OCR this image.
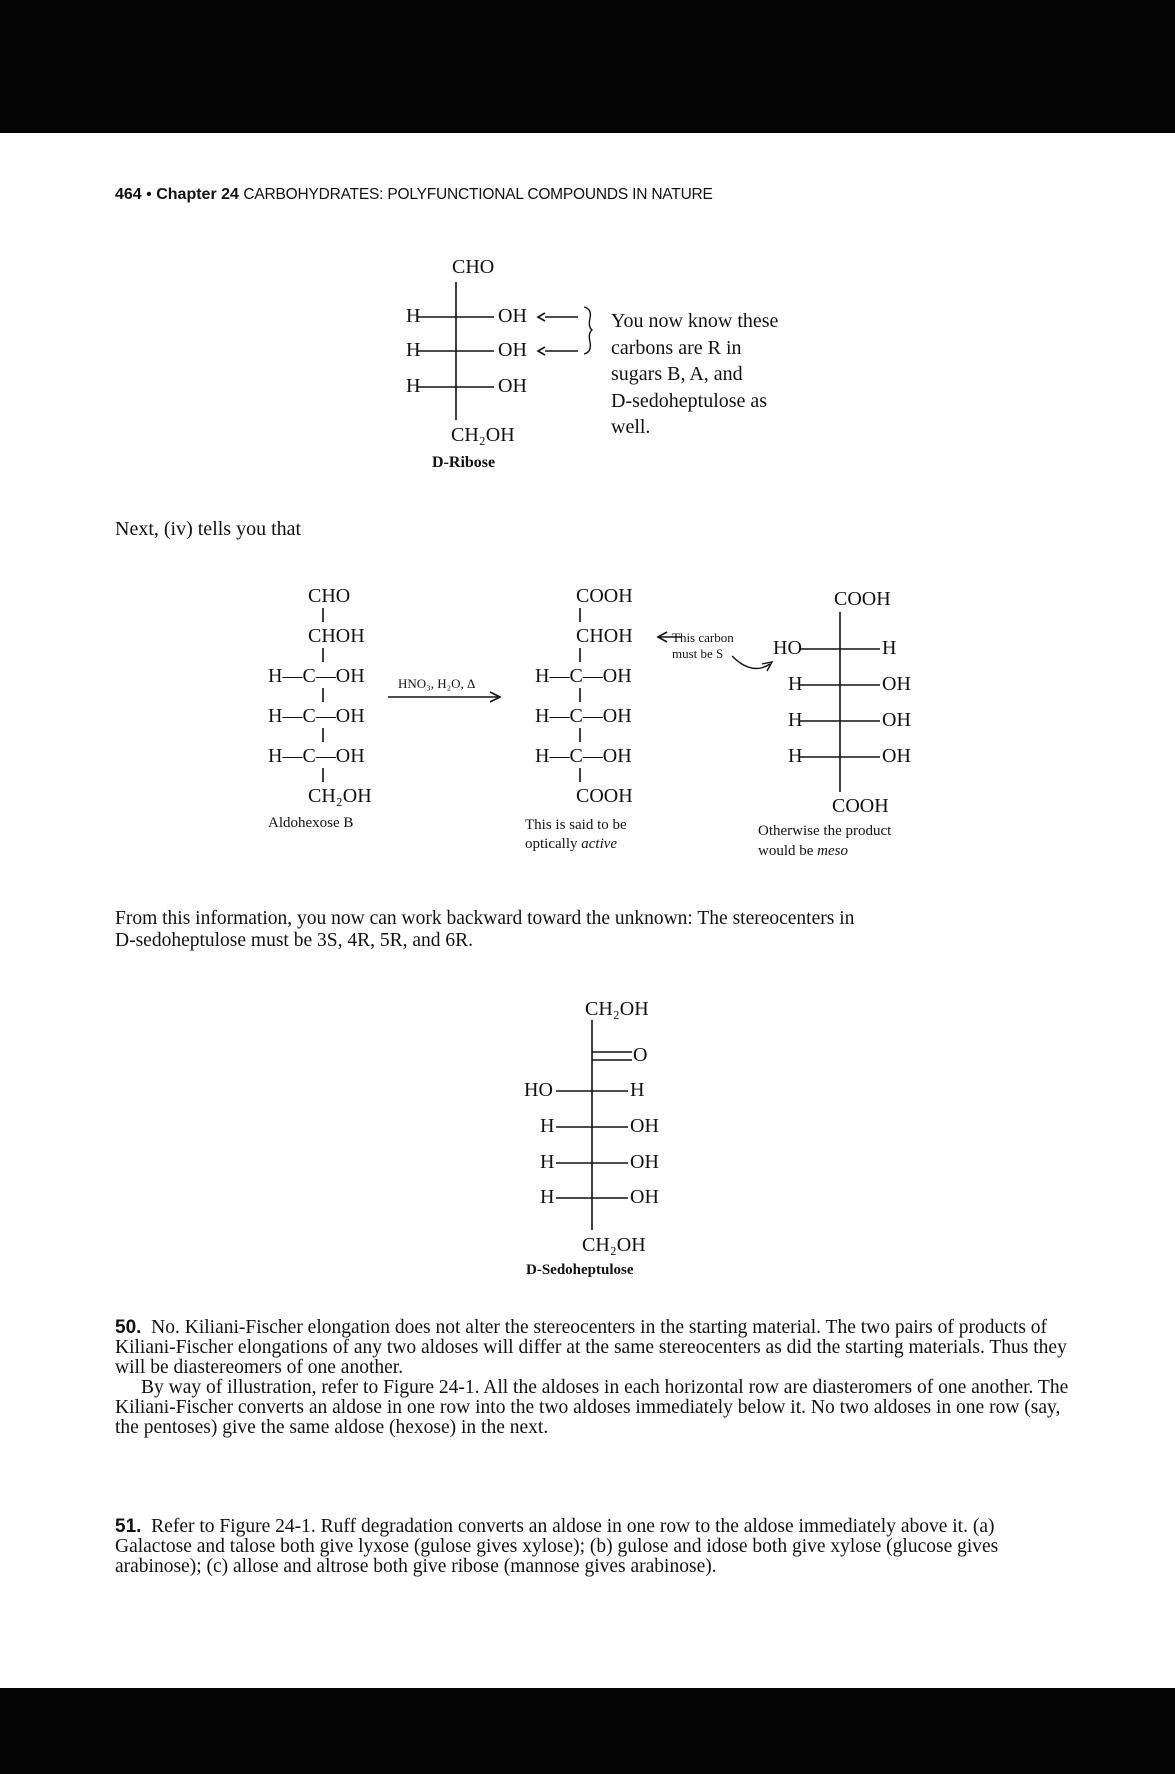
464 • Chapter 24 CARBOHYDRATES: POLYFUNCTIONAL COMPOUNDS IN NATURE
CHO
H	OH
H	OH
H	OH
CH₂OH
D-Ribose
You now know these
carbons are R in
sugars B, A, and
D-sedoheptulose as
well.
Next, (iv) tells you that
CHO
CHOH
H—C—OH
H—C—OH
H—C—OH
CH₂OH
Aldohexose B
HNO₃, H₂O, Δ
COOH
CHOH
H—C—OH
H—C—OH
H—C—OH
COOH
This carbon
must be S
This is said to be
optically active
COOH
HO	H
H	OH
H	OH
H	OH
COOH
Otherwise the product
would be meso
From this information, you now can work backward toward the unknown: The stereocenters in
D-sedoheptulose must be 3S, 4R, 5R, and 6R.
CH₂OH
O
HO	H
H	OH
H	OH
H	OH
CH₂OH
D-Sedoheptulose

50. No. Kiliani-Fischer elongation does not alter the stereocenters in the starting material. The two pairs of products of Kiliani-Fischer elongations of any two aldoses will differ at the same stereocenters as did the starting materials. Thus they will be diastereomers of one another.

By way of illustration, refer to Figure 24-1. All the aldoses in each horizontal row are diasteromers of one another. The Kiliani-Fischer converts an aldose in one row into the two aldoses immediately below it. No two aldoses in one row (say, the pentoses) give the same aldose (hexose) in the next.

51. Refer to Figure 24-1. Ruff degradation converts an aldose in one row to the aldose immediately above it. (a) Galactose and talose both give lyxose (gulose gives xylose); (b) gulose and idose both give xylose (glucose gives arabinose); (c) allose and altrose both give ribose (mannose gives arabinose).
